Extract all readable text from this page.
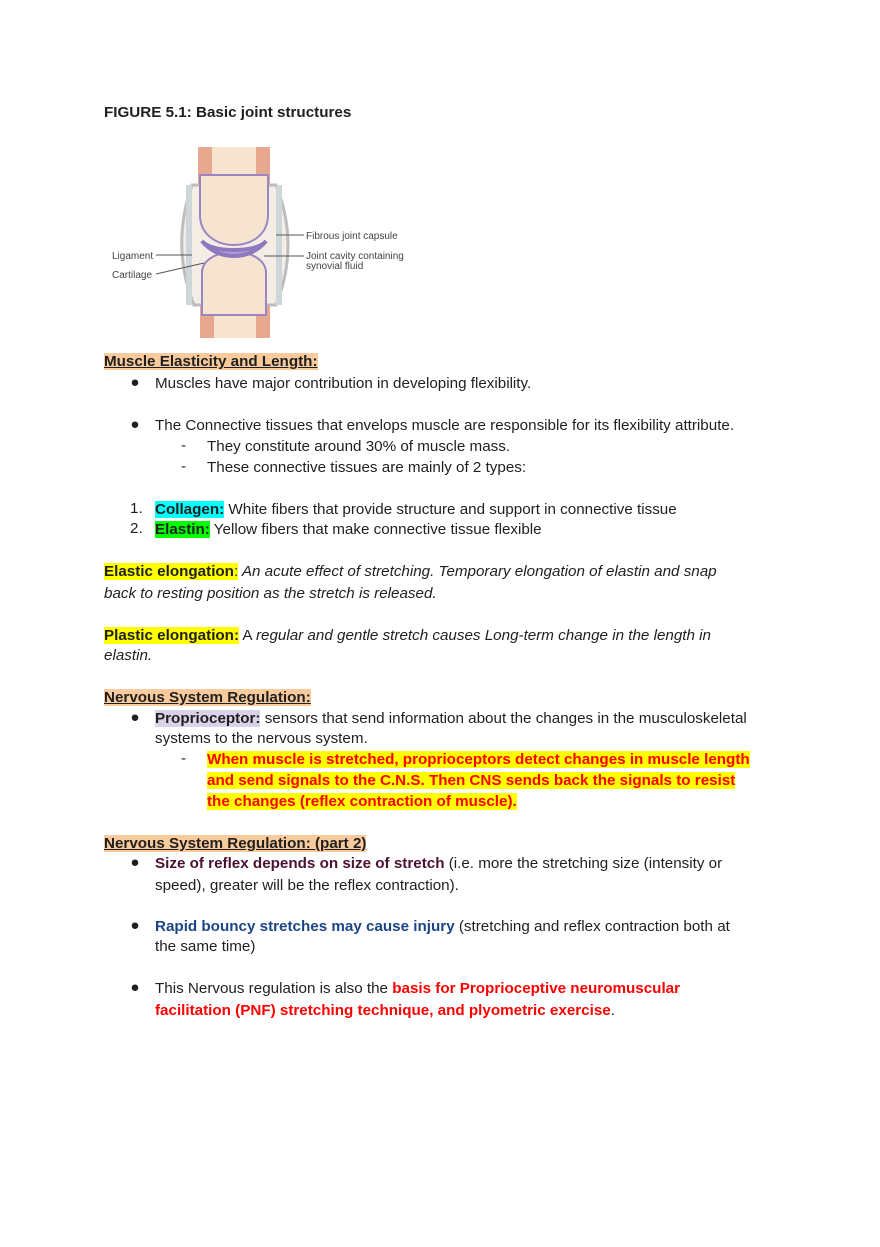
FIGURE 5.1: Basic joint structures
Ligament
Cartilage
Fibrous joint capsule
Joint cavity containing
synovial fluid
Muscle Elasticity and Length:
● Muscles have major contribution in developing flexibility.
● The Connective tissues that envelops muscle are responsible for its flexibility attribute.
- They constitute around 30% of muscle mass.
- These connective tissues are mainly of 2 types:
1. Collagen: White fibers that provide structure and support in connective tissue
2. Elastin: Yellow fibers that make connective tissue flexible
Elastic elongation: An acute effect of stretching. Temporary elongation of elastin and snap
back to resting position as the stretch is released.
Plastic elongation: A regular and gentle stretch causes Long-term change in the length in
elastin.
Nervous System Regulation:
● Proprioceptor: sensors that send information about the changes in the musculoskeletal
systems to the nervous system.
- When muscle is stretched, proprioceptors detect changes in muscle length
and send signals to the C.N.S. Then CNS sends back the signals to resist
the changes (reflex contraction of muscle).
Nervous System Regulation: (part 2)
● Size of reflex depends on size of stretch (i.e. more the stretching size (intensity or
speed), greater will be the reflex contraction).
● Rapid bouncy stretches may cause injury (stretching and reflex contraction both at
the same time)
● This Nervous regulation is also the basis for Proprioceptive neuromuscular
facilitation (PNF) stretching technique, and plyometric exercise.
